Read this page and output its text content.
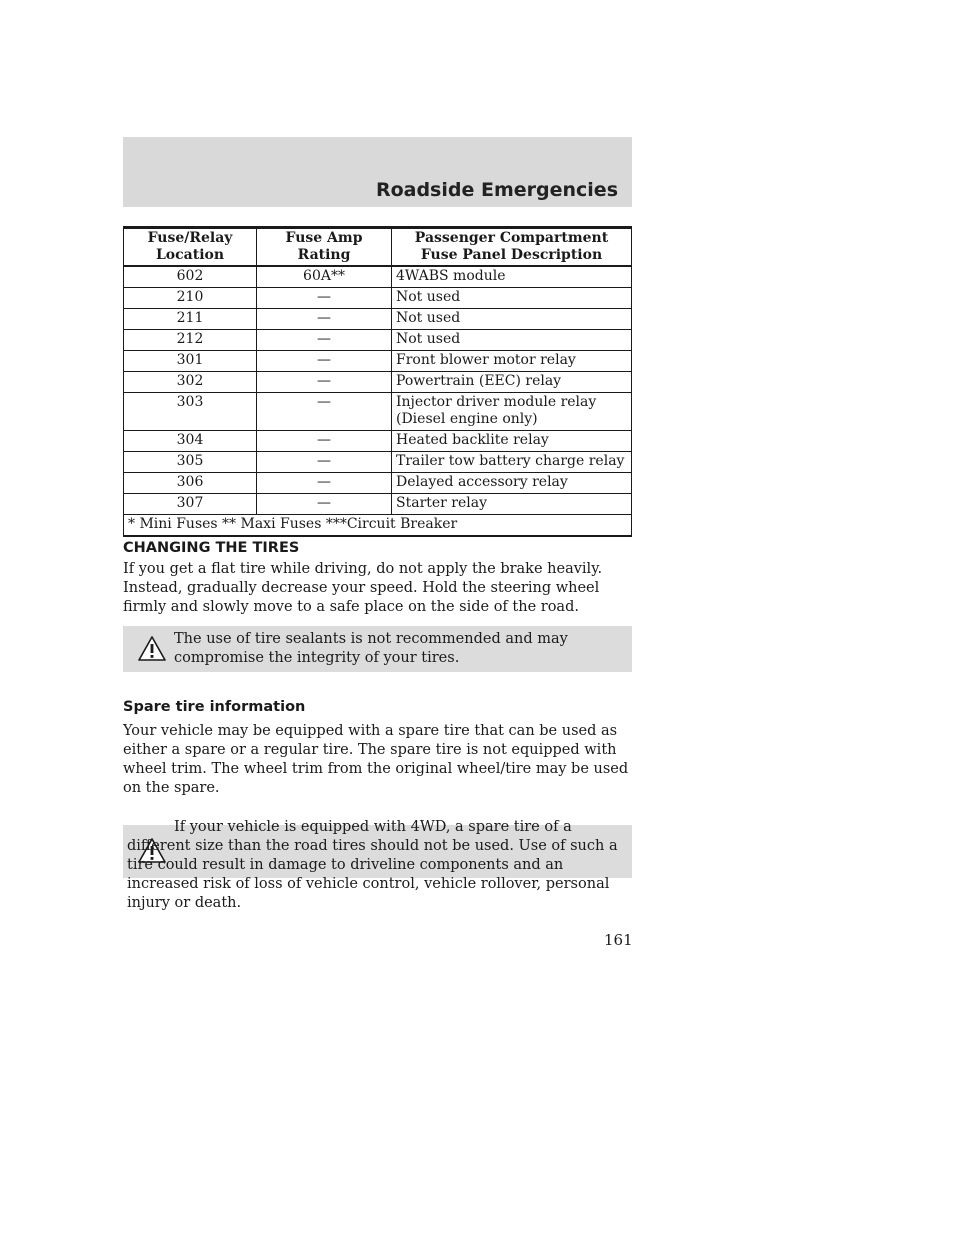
Roadside Emergencies
Fuse/Relay Location	Fuse Amp Rating	Passenger Compartment Fuse Panel Description
602	60A**	4WABS module
210	—	Not used
211	—	Not used
212	—	Not used
301	—	Front blower motor relay
302	—	Powertrain (EEC) relay
303	—	Injector driver module relay (Diesel engine only)
304	—	Heated backlite relay
305	—	Trailer tow battery charge relay
306	—	Delayed accessory relay
307	—	Starter relay
* Mini Fuses ** Maxi Fuses ***Circuit Breaker		

CHANGING THE TIRES

If you get a flat tire while driving, do not apply the brake heavily. Instead, gradually decrease your speed. Hold the steering wheel firmly and slowly move to a safe place on the side of the road.

The use of tire sealants is not recommended and may compromise the integrity of your tires.

Spare tire information

Your vehicle may be equipped with a spare tire that can be used as either a spare or a regular tire. The spare tire is not equipped with wheel trim. The wheel trim from the original wheel/tire may be used on the spare.

If your vehicle is equipped with 4WD, a spare tire of a different size than the road tires should not be used. Use of such a tire could result in damage to driveline components and an increased risk of loss of vehicle control, vehicle rollover, personal injury or death.
161
